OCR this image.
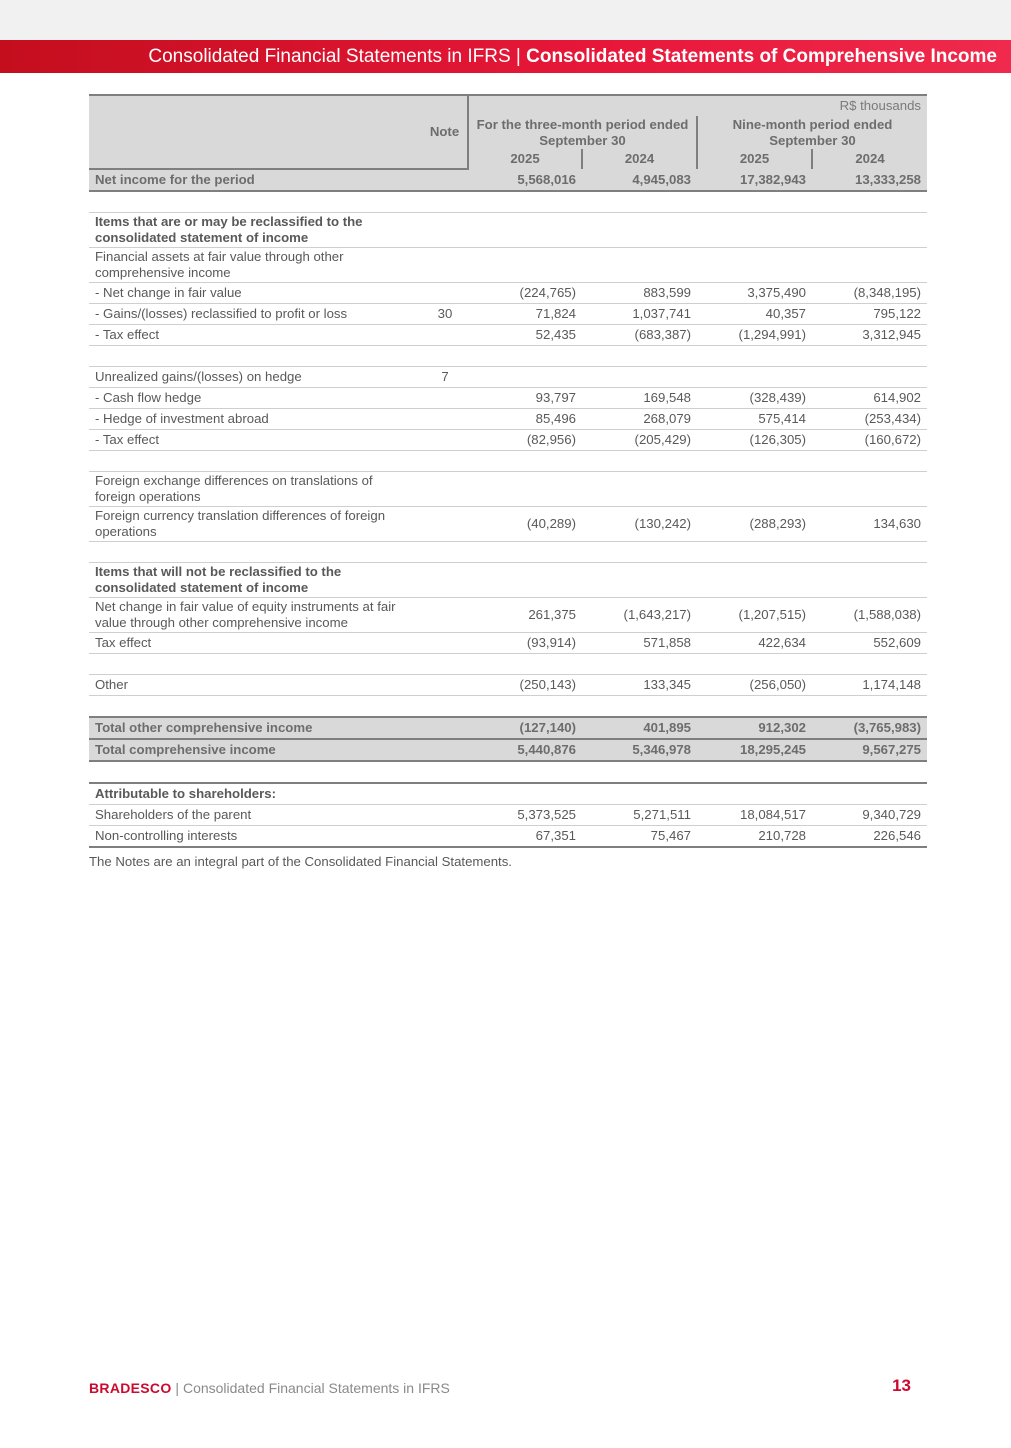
Consolidated Financial Statements in IFRS | Consolidated Statements of Comprehensive Income
	Note	R$ thousands			
		For the three-month period ended September 30		Nine-month period ended September 30	
		2025	2024	2025	2024
Net income for the period		5,568,016	4,945,083	17,382,943	13,333,258

Items that are or may be reclassified to the consolidated statement of income					
Financial assets at fair value through other comprehensive income					
- Net change in fair value		(224,765)	883,599	3,375,490	(8,348,195)
- Gains/(losses) reclassified to profit or loss	30	71,824	1,037,741	40,357	795,122
- Tax effect		52,435	(683,387)	(1,294,991)	3,312,945

Unrealized gains/(losses) on hedge	7				
- Cash flow hedge		93,797	169,548	(328,439)	614,902
- Hedge of investment abroad		85,496	268,079	575,414	(253,434)
- Tax effect		(82,956)	(205,429)	(126,305)	(160,672)

Foreign exchange differences on translations of foreign operations					
Foreign currency translation differences of foreign operations		(40,289)	(130,242)	(288,293)	134,630

Items that will not be reclassified to the consolidated statement of income					
Net change in fair value of equity instruments at fair value through other comprehensive income		261,375	(1,643,217)	(1,207,515)	(1,588,038)
Tax effect		(93,914)	571,858	422,634	552,609

Other		(250,143)	133,345	(256,050)	1,174,148

Total other comprehensive income		(127,140)	401,895	912,302	(3,765,983)
Total comprehensive income		5,440,876	5,346,978	18,295,245	9,567,275

Attributable to shareholders:					
Shareholders of the parent		5,373,525	5,271,511	18,084,517	9,340,729
Non-controlling interests		67,351	75,467	210,728	226,546
The Notes are an integral part of the Consolidated Financial Statements.
BRADESCO | Consolidated Financial Statements in IFRS	13
